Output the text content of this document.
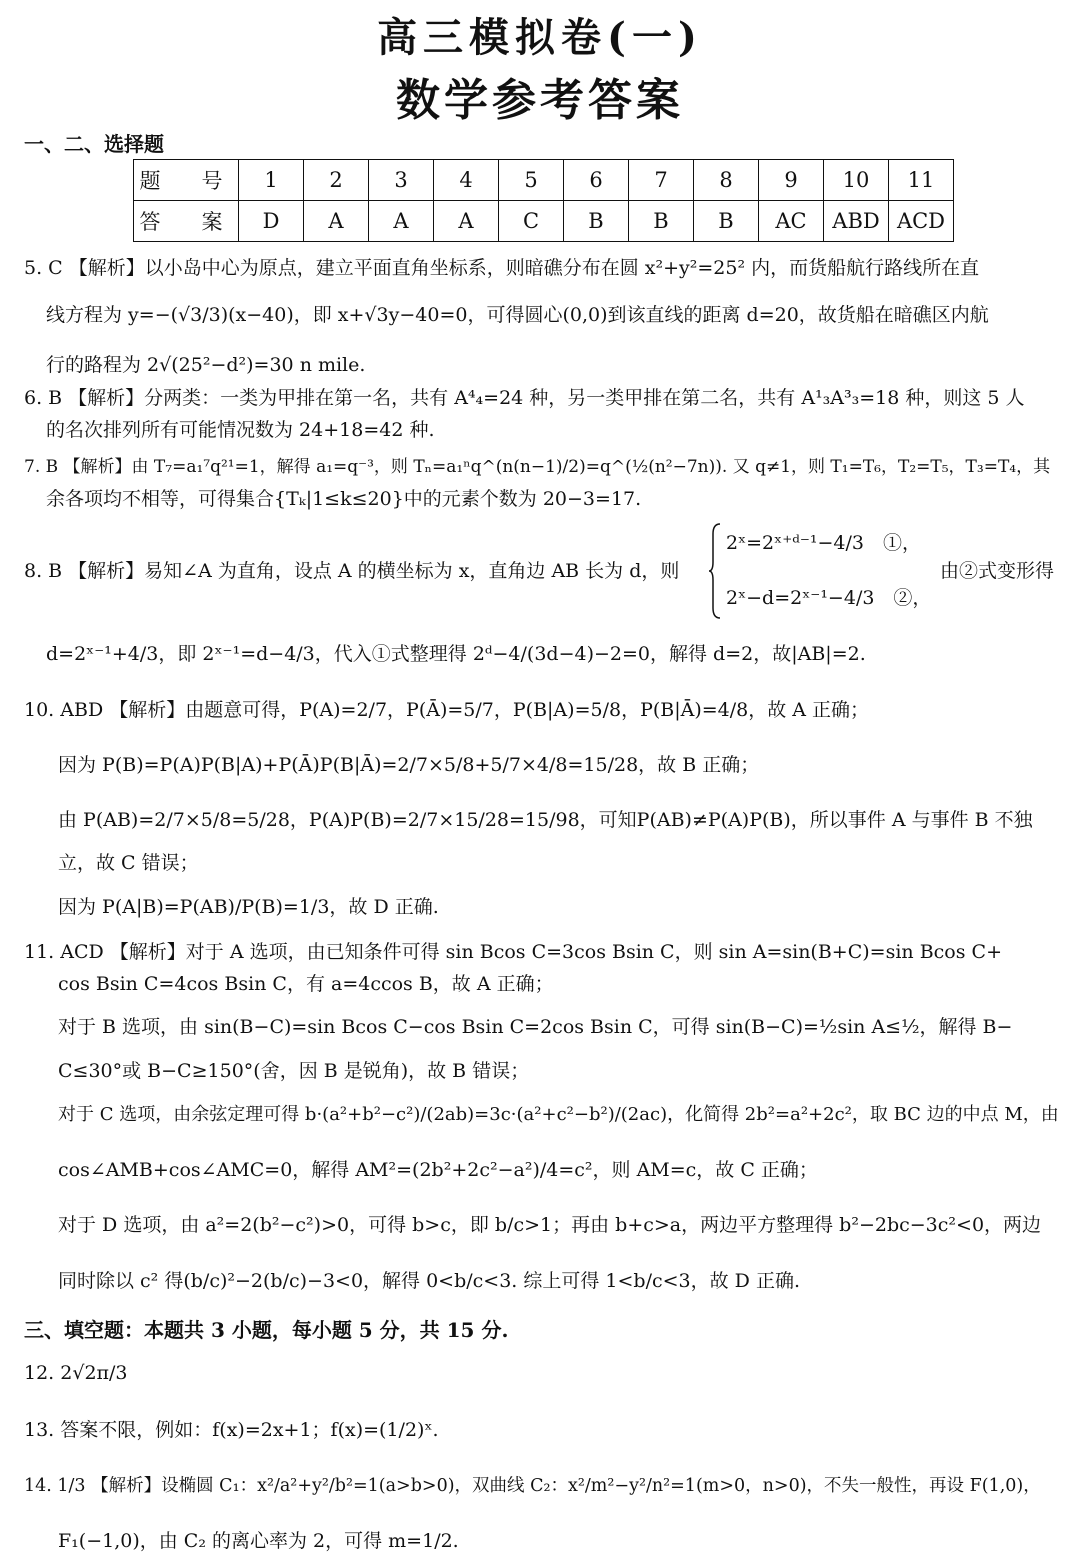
高三模拟卷(一)
数学参考答案
一、二、选择题
题　号	1	2	3	4	5	6	7	8	9	10	11
答　案	D	A	A	A	C	B	B	B	AC	ABD	ACD
5. C 【解析】以小岛中心为原点，建立平面直角坐标系，则暗礁分布在圆 x²+y²=25² 内，而货船航行路线所在直
线方程为 y=−(√3/3)(x−40)，即 x+√3y−40=0，可得圆心(0,0)到该直线的距离 d=20，故货船在暗礁区内航
行的路程为 2√(25²−d²)=30 n mile.
6. B 【解析】分两类：一类为甲排在第一名，共有 A⁴₄=24 种，另一类甲排在第二名，共有 A¹₃A³₃=18 种，则这 5 人
的名次排列所有可能情况数为 24+18=42 种.
7. B 【解析】由 T₇=a₁⁷q²¹=1，解得 a₁=q⁻³，则 Tₙ=a₁ⁿq^(n(n−1)/2)=q^(½(n²−7n)). 又 q≠1，则 T₁=T₆，T₂=T₅，T₃=T₄，其
余各项均不相等，可得集合{Tₖ|1≤k≤20}中的元素个数为 20−3=17.
8. B 【解析】易知∠A 为直角，设点 A 的横坐标为 x，直角边 AB 长为 d，则
2ˣ=2ˣ⁺ᵈ⁻¹−4/3　①，
2ˣ−d=2ˣ⁻¹−4/3　②，
由②式变形得
d=2ˣ⁻¹+4/3，即 2ˣ⁻¹=d−4/3，代入①式整理得 2ᵈ−4/(3d−4)−2=0，解得 d=2，故|AB|=2.
10. ABD 【解析】由题意可得，P(A)=2/7，P(Ā)=5/7，P(B|A)=5/8，P(B|Ā)=4/8，故 A 正确；
因为 P(B)=P(A)P(B|A)+P(Ā)P(B|Ā)=2/7×5/8+5/7×4/8=15/28，故 B 正确；
由 P(AB)=2/7×5/8=5/28，P(A)P(B)=2/7×15/28=15/98，可知P(AB)≠P(A)P(B)，所以事件 A 与事件 B 不独
立，故 C 错误；
因为 P(A|B)=P(AB)/P(B)=1/3，故 D 正确.
11. ACD 【解析】对于 A 选项，由已知条件可得 sin Bcos C=3cos Bsin C，则 sin A=sin(B+C)=sin Bcos C+
cos Bsin C=4cos Bsin C，有 a=4ccos B，故 A 正确；
对于 B 选项，由 sin(B−C)=sin Bcos C−cos Bsin C=2cos Bsin C，可得 sin(B−C)=½sin A≤½，解得 B−
C≤30°或 B−C≥150°(舍，因 B 是锐角)，故 B 错误；
对于 C 选项，由余弦定理可得 b·(a²+b²−c²)/(2ab)=3c·(a²+c²−b²)/(2ac)，化简得 2b²=a²+2c²，取 BC 边的中点 M，由
cos∠AMB+cos∠AMC=0，解得 AM²=(2b²+2c²−a²)/4=c²，则 AM=c，故 C 正确；
对于 D 选项，由 a²=2(b²−c²)>0，可得 b>c，即 b/c>1；再由 b+c>a，两边平方整理得 b²−2bc−3c²<0，两边
同时除以 c² 得(b/c)²−2(b/c)−3<0，解得 0<b/c<3. 综上可得 1<b/c<3，故 D 正确.
三、填空题：本题共 3 小题，每小题 5 分，共 15 分.
12. 2√2π/3
13. 答案不限，例如：f(x)=2x+1；f(x)=(1/2)ˣ.
14. 1/3 【解析】设椭圆 C₁：x²/a²+y²/b²=1(a>b>0)，双曲线 C₂：x²/m²−y²/n²=1(m>0，n>0)，不失一般性，再设 F(1,0)，
F₁(−1,0)，由 C₂ 的离心率为 2，可得 m=1/2.
